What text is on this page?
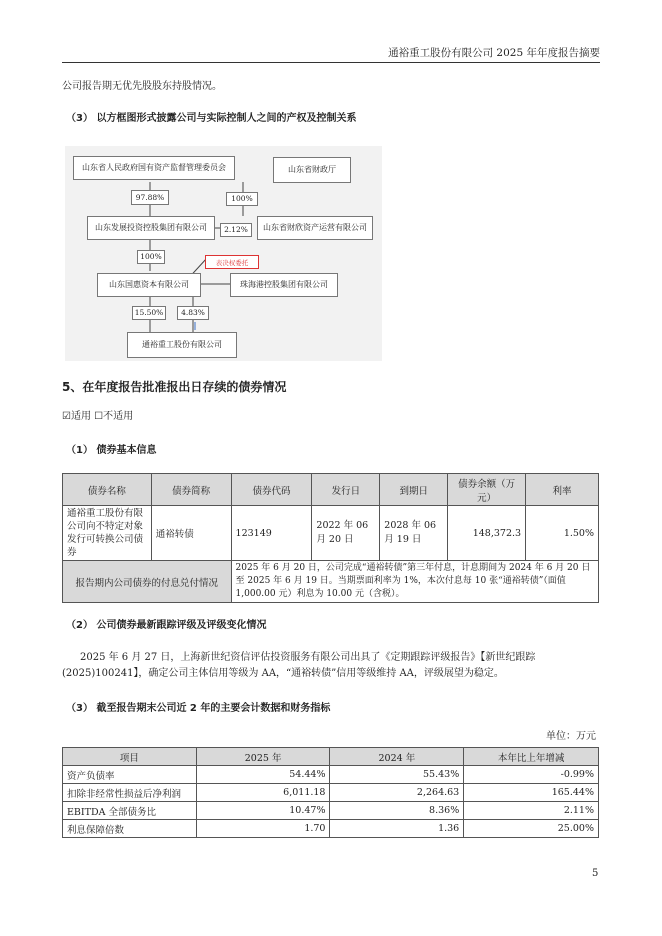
通裕重工股份有限公司 2025 年年度报告摘要
公司报告期无优先股股东持股情况。
（3） 以方框图形式披露公司与实际控制人之间的产权及控制关系
山东省人民政府国有资产监督管理委员会	山东省财政厅
97.88%	100%
山东发展投资控股集团有限公司	山东省财欣资产运营有限公司
2.12%
100%
表决权委托
山东国惠资本有限公司	珠海港控股集团有限公司
15.50%	4.83%
通裕重工股份有限公司
5、在年度报告批准报出日存续的债券情况
☑适用 ☐不适用
（1） 债券基本信息
债券名称	债券简称	债券代码	发行日	到期日	债券余额（万元）	利率
通裕重工股份有限公司向不特定对象发行可转换公司债券	通裕转债	123149	2022 年 06 月 20 日	2028 年 06 月 19 日	148,372.3	1.50%
报告期内公司债券的付息兑付情况		2025 年 6 月 20 日，公司完成“通裕转债”第三年付息，计息期间为 2024 年 6 月 20 日至 2025 年 6 月 19 日。当期票面利率为 1%，本次付息每 10 张“通裕转债”（面值 1,000.00 元）利息为 10.00 元（含税）。				
（2） 公司债券最新跟踪评级及评级变化情况
2025 年 6 月 27 日，上海新世纪资信评估投资服务有限公司出具了《定期跟踪评级报告》【新世纪跟踪
(2025)100241】，确定公司主体信用等级为 AA，“通裕转债”信用等级维持 AA，评级展望为稳定。
（3） 截至报告期末公司近 2 年的主要会计数据和财务指标
单位：万元
项目	2025 年	2024 年	本年比上年增减
资产负债率	54.44%	55.43%	-0.99%
扣除非经常性损益后净利润	6,011.18	2,264.63	165.44%
EBITDA 全部债务比	10.47%	8.36%	2.11%
利息保障倍数	1.70	1.36	25.00%
5
